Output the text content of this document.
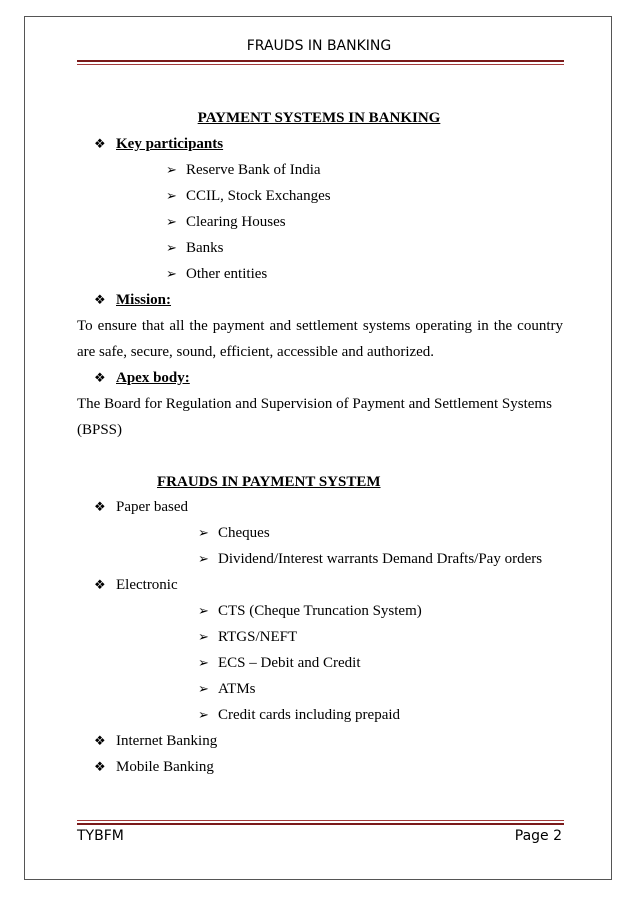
FRAUDS IN BANKING
PAYMENT SYSTEMS IN BANKING
❖ Key participants
➢ Reserve Bank of India
➢ CCIL, Stock Exchanges
➢ Clearing Houses
➢ Banks
➢ Other entities
❖ Mission:
To ensure that all the payment and settlement systems operating in the country are safe, secure, sound, efficient, accessible and authorized.
❖ Apex body:
The Board for Regulation and Supervision of Payment and Settlement Systems (BPSS)
FRAUDS IN PAYMENT SYSTEM
❖ Paper based
➢ Cheques
➢ Dividend/Interest warrants Demand Drafts/Pay orders
❖ Electronic
➢ CTS (Cheque Truncation System)
➢ RTGS/NEFT
➢ ECS – Debit and Credit
➢ ATMs
➢ Credit cards including prepaid
❖ Internet Banking
❖ Mobile Banking
TYBFM	Page 2
